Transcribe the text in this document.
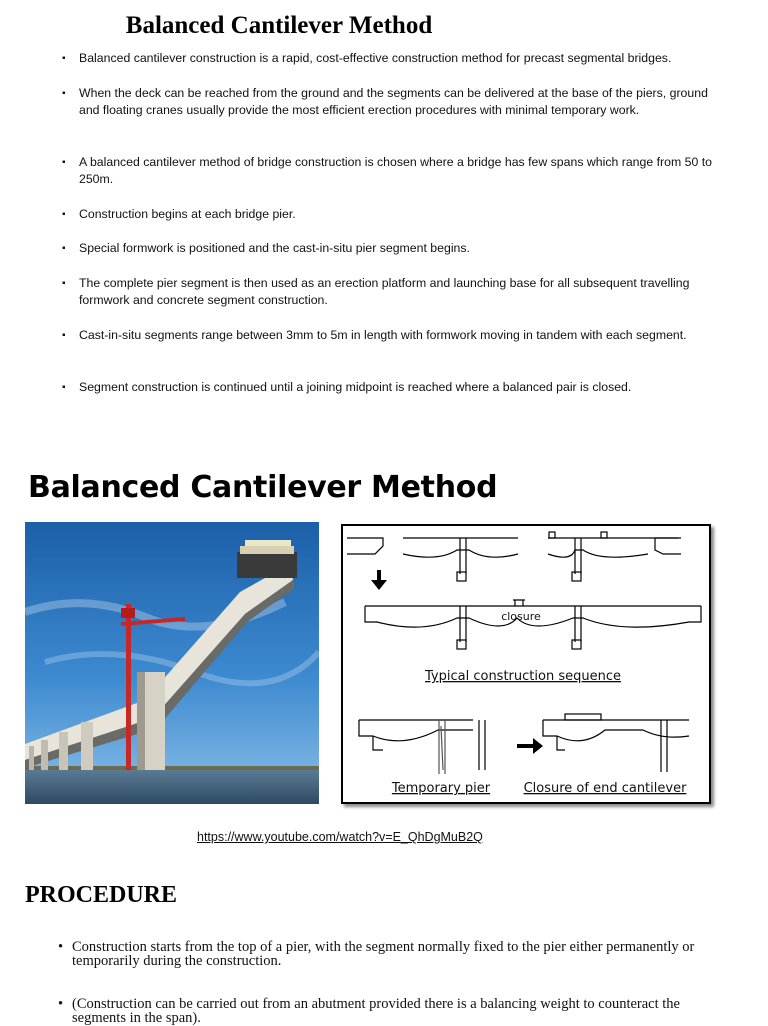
Balanced Cantilever Method
▪ Balanced cantilever construction is a rapid, cost-effective construction method for precast segmental bridges.
▪ When the deck can be reached from the ground and the segments can be delivered at the base of the piers, ground and floating cranes usually provide the most efficient erection procedures with minimal temporary work.
▪ A balanced cantilever method of bridge construction is chosen where a bridge has few spans which range from 50 to 250m.
▪ Construction begins at each bridge pier.
▪ Special formwork is positioned and the cast-in-situ pier segment begins.
▪ The complete pier segment is then used as an erection platform and launching base for all subsequent travelling formwork and concrete segment construction.
▪ Cast-in-situ segments range between 3mm to 5m in length with formwork moving in tandem with each segment.
▪ Segment construction is continued until a joining midpoint is reached where a balanced pair is closed.
Balanced Cantilever Method
closure
Typical construction sequence
Temporary pier	Closure of end cantilever
https://www.youtube.com/watch?v=E_QhDgMuB2Q
PROCEDURE
• Construction starts from the top of a pier, with the segment normally fixed to the pier either permanently or temporarily during the construction.
• (Construction can be carried out from an abutment provided there is a balancing weight to counteract the segments in the span).
